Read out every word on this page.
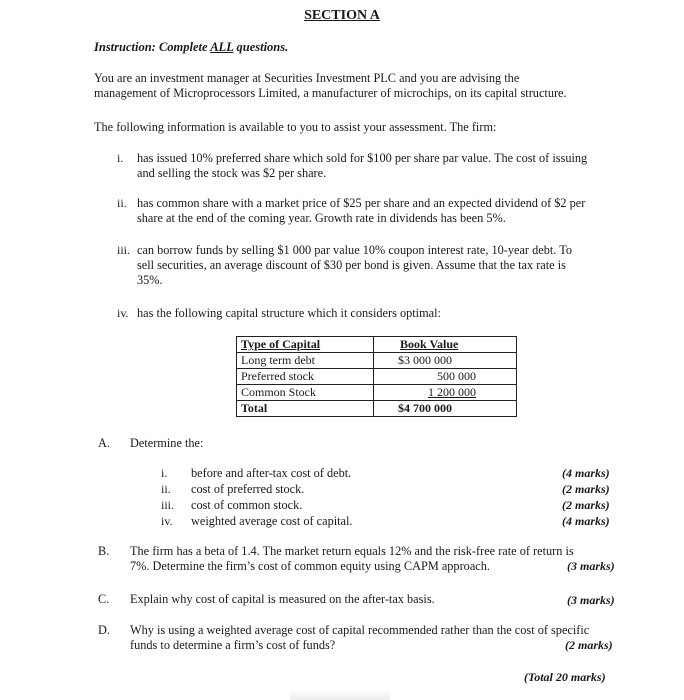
SECTION A
Instruction: Complete ALL questions.
You are an investment manager at Securities Investment PLC and you are advising the
management of Microprocessors Limited, a manufacturer of microchips, on its capital structure.
The following information is available to you to assist your assessment. The firm:
i. has issued 10% preferred share which sold for $100 per share par value. The cost of issuing
and selling the stock was $2 per share.
ii. has common share with a market price of $25 per share and an expected dividend of $2 per
share at the end of the coming year. Growth rate in dividends has been 5%.
iii. can borrow funds by selling $1 000 par value 10% coupon interest rate, 10-year debt. To
sell securities, an average discount of $30 per bond is given. Assume that the tax rate is
35%.
iv. has the following capital structure which it considers optimal:
Type of Capital	Book Value
Long term debt	$3 000 000
Preferred stock	500 000
Common Stock	1 200 000
Total	$4 700 000
A. Determine the:
i. before and after-tax cost of debt.	(4 marks)
ii. cost of preferred stock.	(2 marks)
iii. cost of common stock.	(2 marks)
iv. weighted average cost of capital.	(4 marks)
B. The firm has a beta of 1.4. The market return equals 12% and the risk-free rate of return is
7%. Determine the firm’s cost of common equity using CAPM approach.	(3 marks)
C. Explain why cost of capital is measured on the after-tax basis.	(3 marks)
D. Why is using a weighted average cost of capital recommended rather than the cost of specific
funds to determine a firm’s cost of funds?	(2 marks)
(Total 20 marks)
